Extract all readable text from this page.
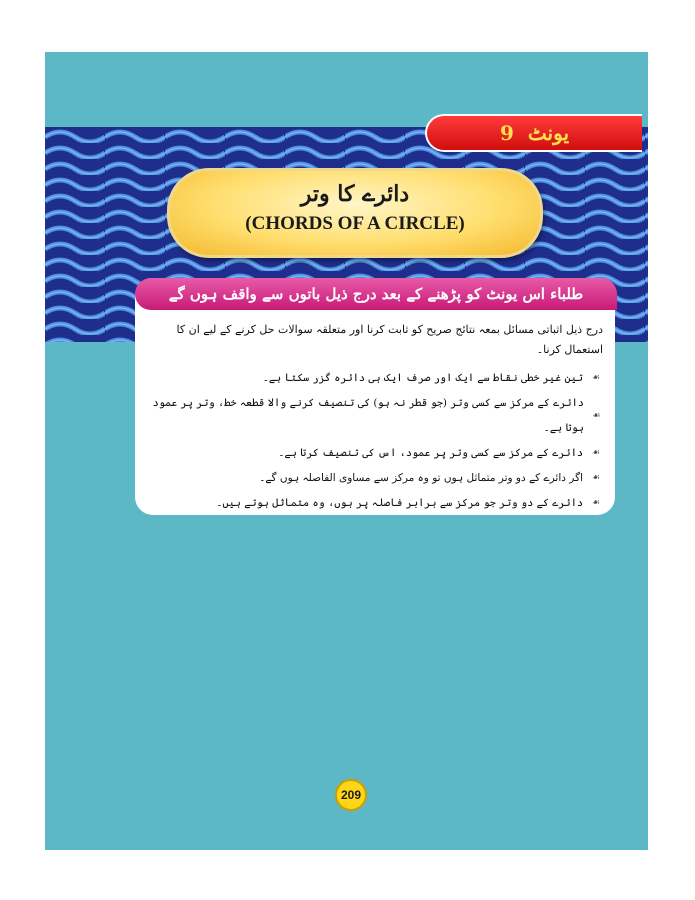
یونٹ
9
دائرے کا وتر
(CHORDS OF A CIRCLE)
طلباء اس یونٹ کو پڑھنے کے بعد درج ذیل باتوں سے واقف ہوں گے

درج ذیل اثباتی مسائل بمعہ نتائج صریح کو ثابت کرنا اور متعلقہ سوالات حل کرنے کے لیے ان کا استعمال کرنا۔

☙
تین غیر خطی نقاط سے ایک اور صرف ایک ہی دائرہ گزر سکتا ہے۔
☙
دائرے کے مرکز سے کسی وتر (جو قطر نہ ہو) کی تنصیف کرنے والا قطعہ خط، وتر پر عمود ہوتا ہے۔
☙
دائرے کے مرکز سے کسی وتر پر عمود، اس کی تنصیف کرتا ہے۔
☙
اگر دائرے کے دو وتر متماثل ہوں تو وہ مرکز سے مساوی الفاصلہ ہوں گے۔
☙
دائرے کے دو وتر جو مرکز سے برابر فاصلہ پر ہوں، وہ متماثل ہوتے ہیں۔
209
